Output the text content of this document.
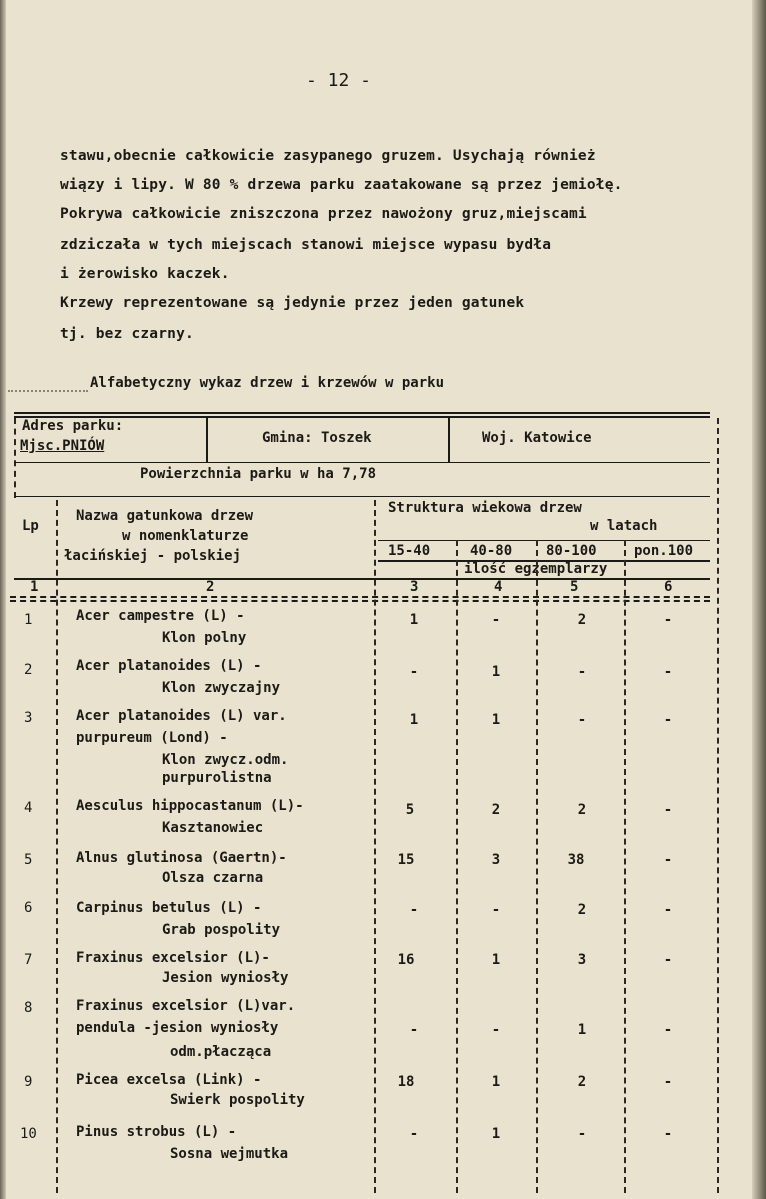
- 12 -
stawu,obecnie całkowicie zasypanego gruzem. Usychają również
wiązy i lipy. W 80 % drzewa parku zaatakowane są przez jemiołę.
Pokrywa całkowicie zniszczona przez nawożony gruz,miejscami
zdziczała w tych miejscach stanowi miejsce wypasu bydła
i żerowisko kaczek.
Krzewy reprezentowane są jedynie przez jeden gatunek
tj. bez czarny.
Alfabetyczny wykaz drzew i krzewów w parku
Adres parku:
Mjsc.PNIÓW	Gmina: Toszek	Woj. Katowice
Powierzchnia parku w ha 7,78
Lp
Nazwa gatunkowa drzew
w nomenklaturze
łacińskiej - polskiej
Struktura wiekowa drzew
w latach
15-40	40-80 80-100	pon.100
ilość egzemplarzy
1	2	3	4	5	6
1	Acer campestre (L) -
Klon polny
1	-	2	-
2	Acer platanoides (L) -
Klon zwyczajny
-	1	-	-
3	Acer platanoides (L) var.
purpureum (Lond) -
Klon zwycz.odm.
purpurolistna
1	1	-	-
4	Aesculus hippocastanum (L)-
Kasztanowiec
5	2	2	-
5	Alnus glutinosa (Gaertn)-
Olsza czarna
15	3	38	-
6	Carpinus betulus (L) -
Grab pospolity
-	-	2	-
7	Fraxinus excelsior (L)-
Jesion wyniosły
16	1	3	-
8	Fraxinus excelsior (L)var.
pendula -jesion wyniosły
odm.płacząca
-	-	1	-
9	Picea excelsa (Link) -
Swierk pospolity
18	1	2	-
10	Pinus strobus (L) -
Sosna wejmutka
-	1	-	-
